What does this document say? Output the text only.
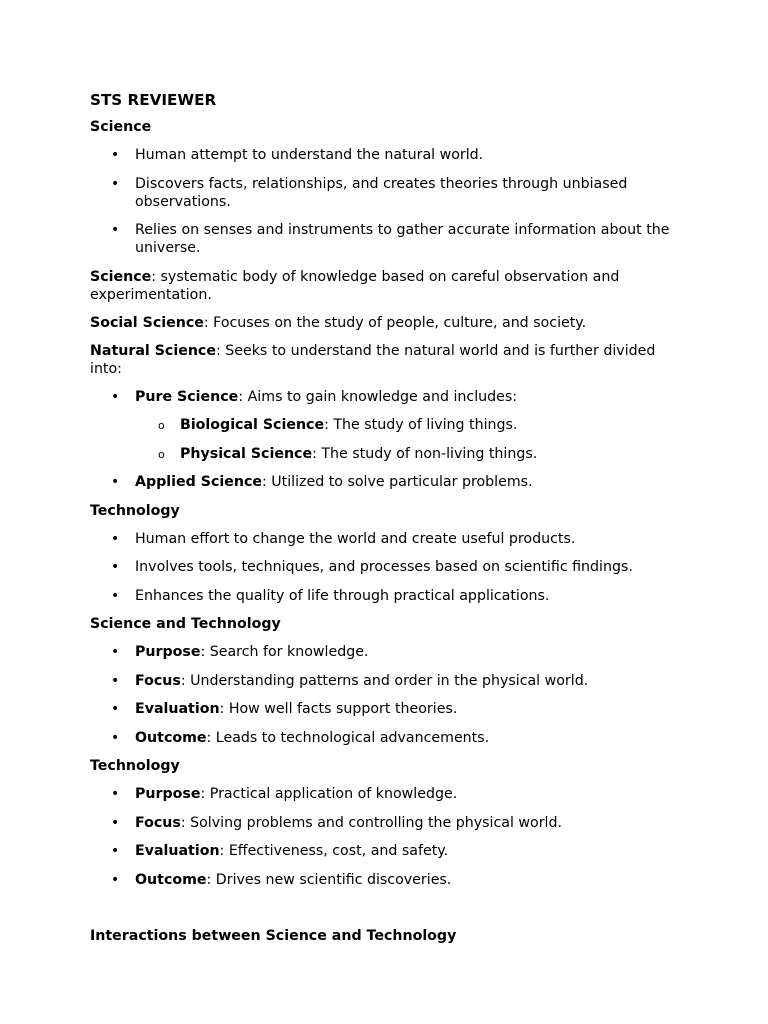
STS REVIEWER
Science
• Human attempt to understand the natural world.
• Discovers facts, relationships, and creates theories through unbiased observations.
• Relies on senses and instruments to gather accurate information about the universe.
Science: systematic body of knowledge based on careful observation and experimentation.
Social Science: Focuses on the study of people, culture, and society.
Natural Science: Seeks to understand the natural world and is further divided into:
• Pure Science: Aims to gain knowledge and includes:
o Biological Science: The study of living things.
o Physical Science: The study of non-living things.
• Applied Science: Utilized to solve particular problems.
Technology
• Human effort to change the world and create useful products.
• Involves tools, techniques, and processes based on scientific findings.
• Enhances the quality of life through practical applications.
Science and Technology
• Purpose: Search for knowledge.
• Focus: Understanding patterns and order in the physical world.
• Evaluation: How well facts support theories.
• Outcome: Leads to technological advancements.
Technology
• Purpose: Practical application of knowledge.
• Focus: Solving problems and controlling the physical world.
• Evaluation: Effectiveness, cost, and safety.
• Outcome: Drives new scientific discoveries.
Interactions between Science and Technology
